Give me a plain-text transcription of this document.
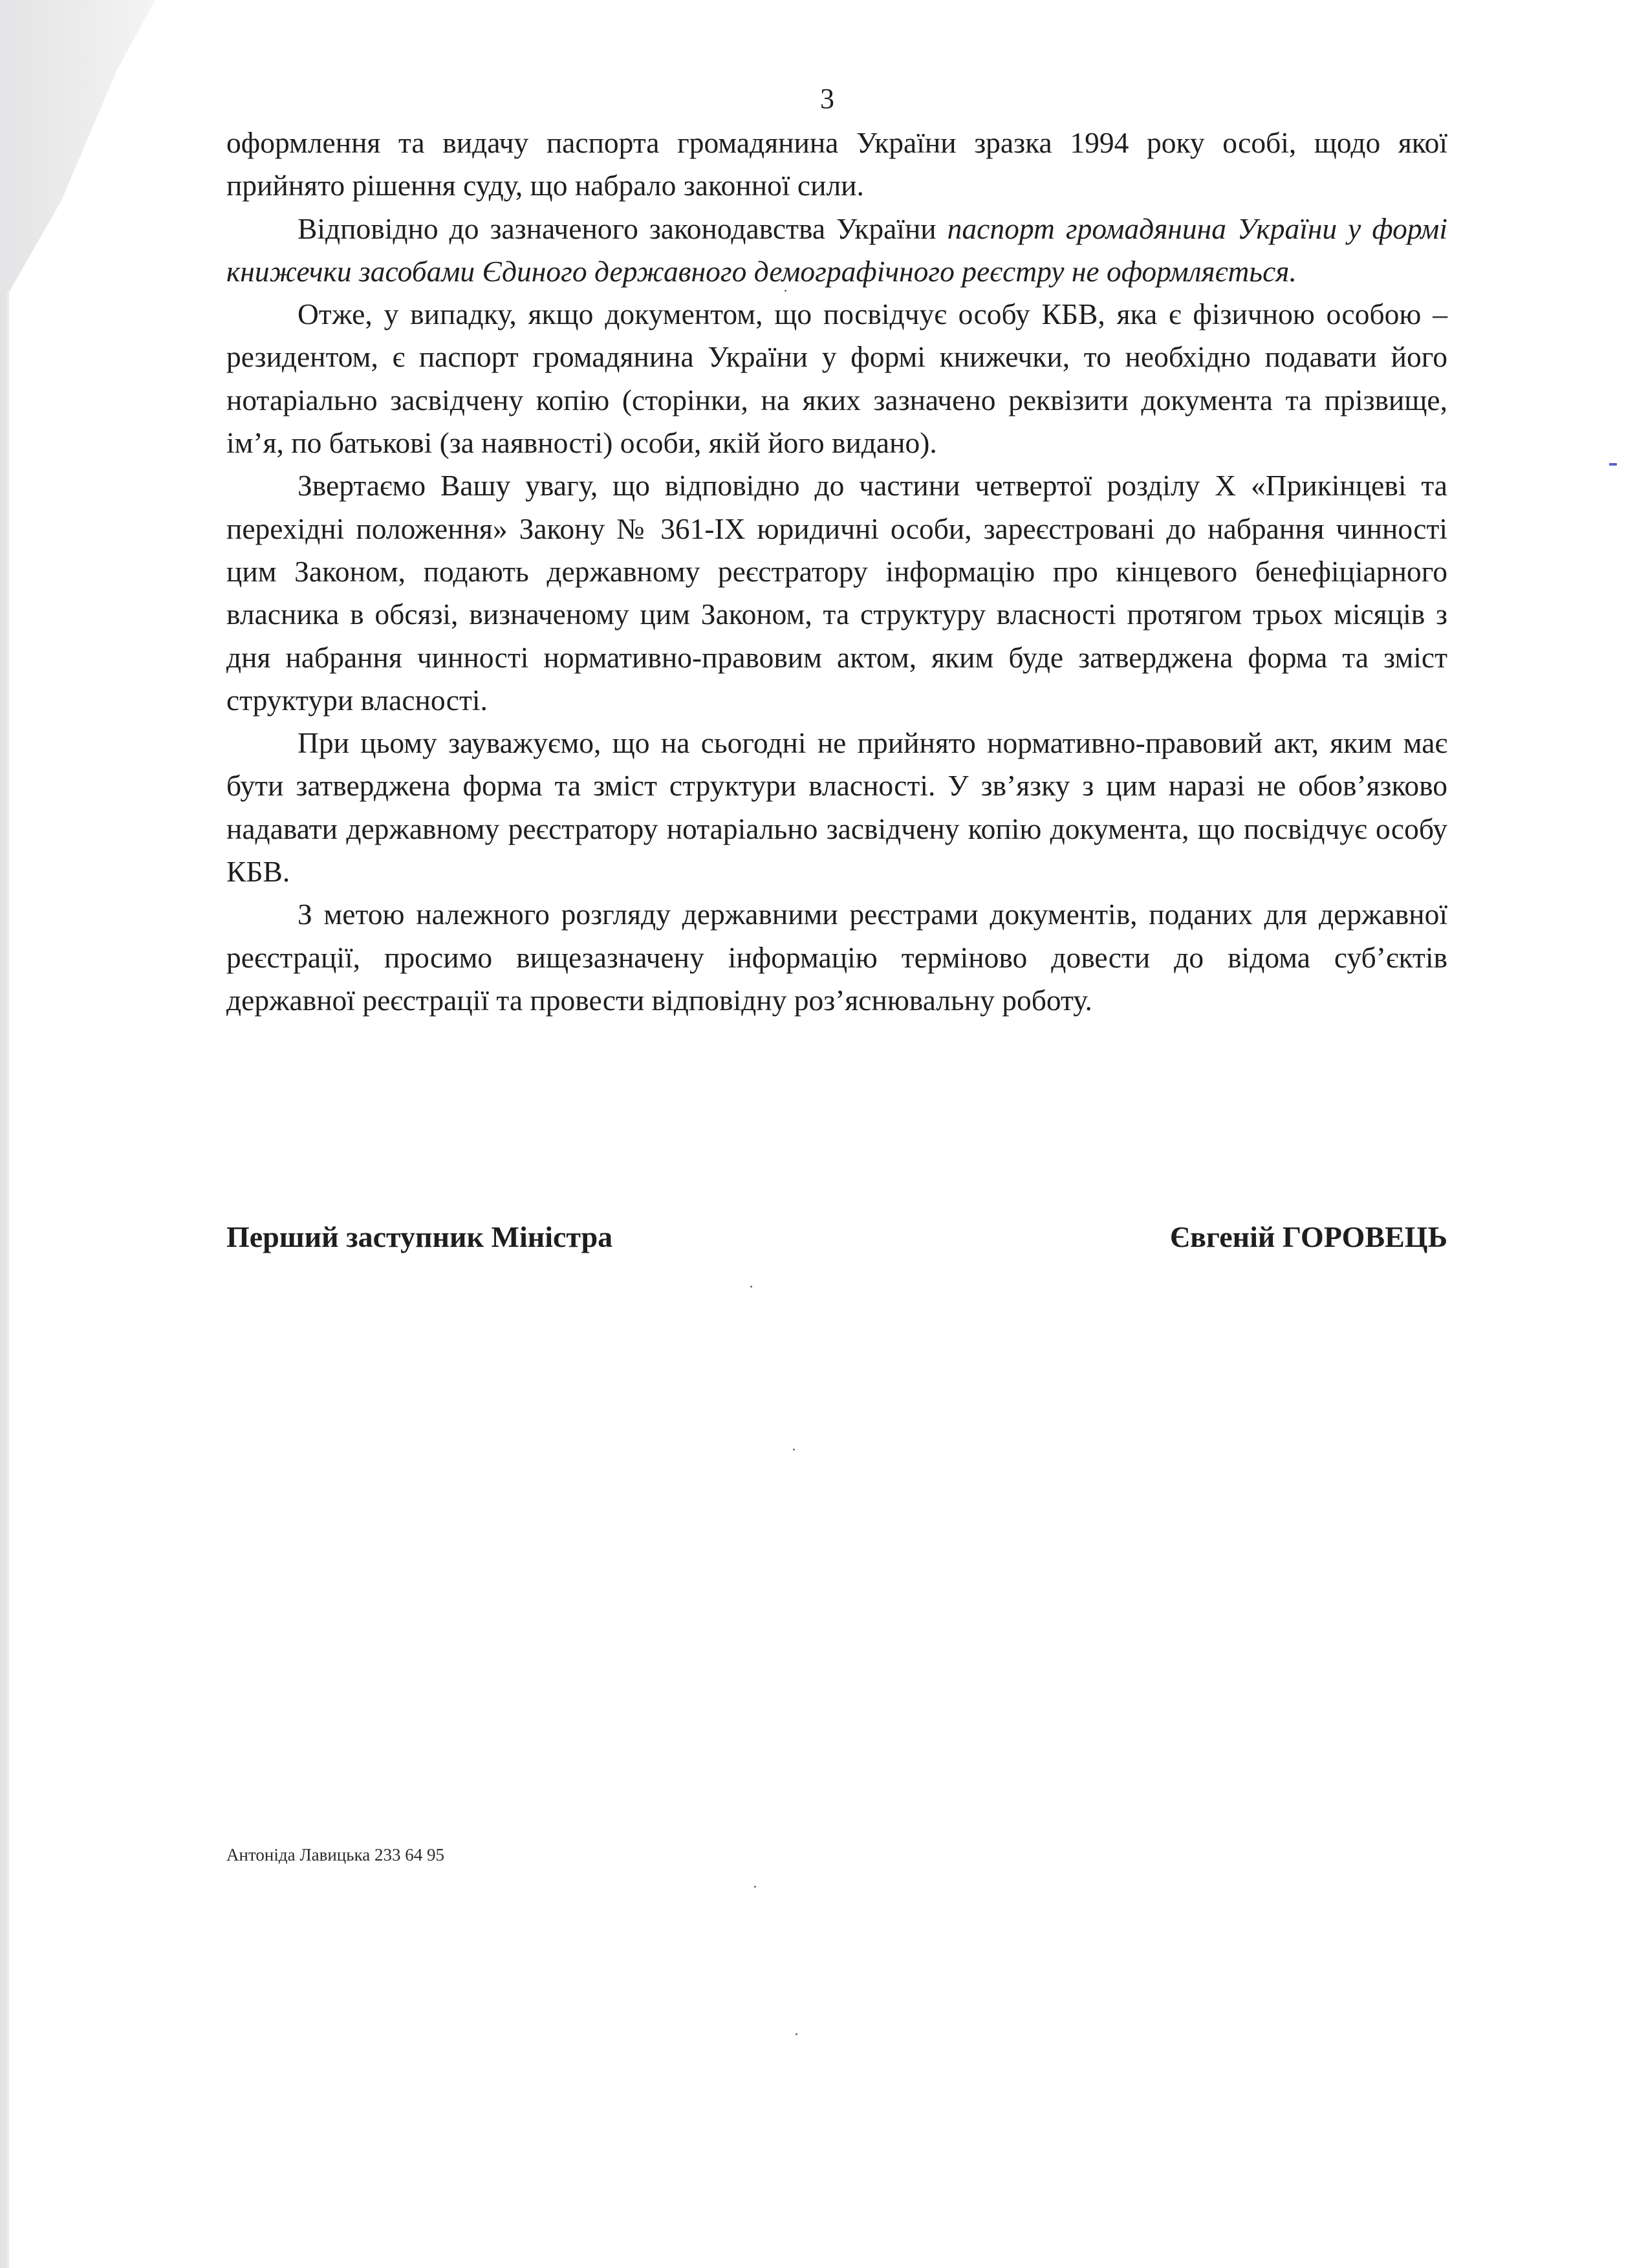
3

оформлення та видачу паспорта громадянина України зразка 1994 року особі, щодо якої прийнято рішення суду, що набрало законної сили.

Відповідно до зазначеного законодавства України паспорт громадянина України у формі книжечки засобами Єдиного державного демографічного реєстру не оформляється.

Отже, у випадку, якщо документом, що посвідчує особу КБВ, яка є фізичною особою – резидентом, є паспорт громадянина України у формі книжечки, то необхідно подавати його нотаріально засвідчену копію (сторінки, на яких зазначено реквізити документа та прізвище, ім’я, по батькові (за наявності) особи, якій його видано).

Звертаємо Вашу увагу, що відповідно до частини четвертої розділу Х «Прикінцеві та перехідні положення» Закону № 361-ІХ юридичні особи, зареєстровані до набрання чинності цим Законом, подають державному реєстратору інформацію про кінцевого бенефіціарного власника в обсязі, визначеному цим Законом, та структуру власності протягом трьох місяців з дня набрання чинності нормативно-правовим актом, яким буде затверджена форма та зміст структури власності.

При цьому зауважуємо, що на сьогодні не прийнято нормативно-правовий акт, яким має бути затверджена форма та зміст структури власності. У зв’язку з цим наразі не обов’язково надавати державному реєстратору нотаріально засвідчену копію документа, що посвідчує особу КБВ.

З метою належного розгляду державними реєстрами документів, поданих для державної реєстрації, просимо вищезазначену інформацію терміново довести до відома суб’єктів державної реєстрації та провести відповідну роз’яснювальну роботу.

Перший заступник Міністра	Євгеній ГОРОВЕЦЬ
Антоніда Лавицька 233 64 95
